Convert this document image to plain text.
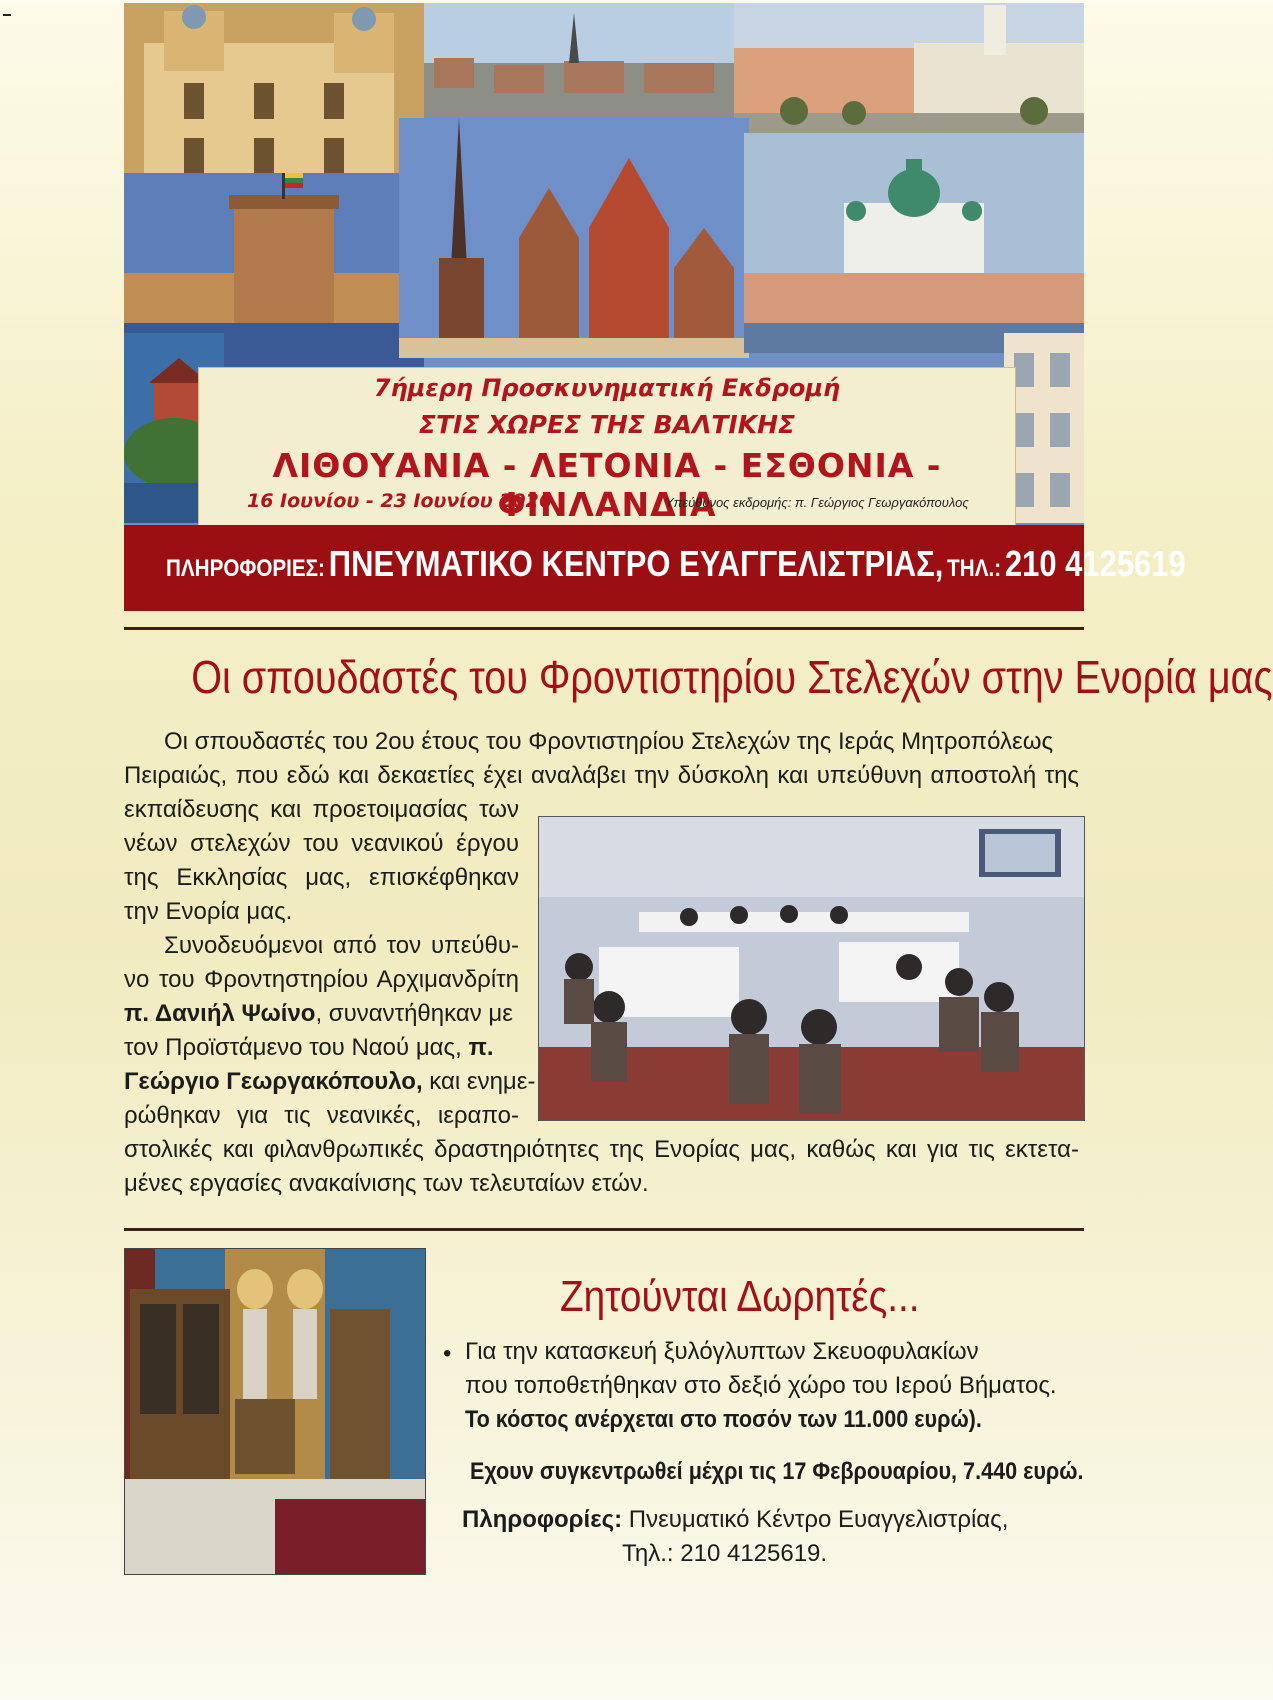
7ήμερη Προσκυνηματική Εκδρομή
ΣΤΙΣ ΧΩΡΕΣ ΤΗΣ ΒΑΛΤΙΚΗΣ
ΛΙΘΟΥΑΝΙΑ - ΛΕΤΟΝΙΑ - ΕΣΘΟΝΙΑ - ΦΙΝΛΑΝΔΙΑ
16 Ιουνίου - 23 Ιουνίου 2026	Υπεύθυνος εκδρομής: π. Γεώργιος Γεωργακόπουλος
ΠΛΗΡΟΦΟΡΙΕΣ: ΠΝΕΥΜΑΤΙΚΟ ΚΕΝΤΡΟ ΕΥΑΓΓΕΛΙΣΤΡΙΑΣ, ΤΗΛ.: 210 4125619
Οι σπουδαστές του Φροντιστηρίου Στελεχών στην Ενορία μας
Οι σπουδαστές του 2ου έτους του Φροντιστηρίου Στελεχών της Ιεράς Μητροπόλεως
Πειραιώς, που εδώ και δεκαετίες έχει αναλάβει την δύσκολη και υπεύθυνη αποστολή της
εκπαίδευσης και προετοιμασίας των
νέων στελεχών του νεανικού έργου
της Εκκλησίας μας, επισκέφθηκαν
την Ενορία μας.
Συνοδευόμενοι από τον υπεύθυ-
νο του Φροντηστηρίου Αρχιμανδρίτη
π. Δανιήλ Ψωίνο, συναντήθηκαν με
τον Προϊστάμενο του Ναού μας, π.
Γεώργιο Γεωργακόπουλο, και ενημε-
ρώθηκαν για τις νεανικές, ιεραπο-
στολικές και φιλανθρωπικές δραστηριότητες της Ενορίας μας, καθώς και για τις εκτετα-
μένες εργασίες ανακαίνισης των τελευταίων ετών.
Ζητούνται Δωρητές...
• Για την κατασκευή ξυλόγλυπτων Σκευοφυλακίων
που τοποθετήθηκαν στο δεξιό χώρο του Ιερού Βήματος.
Το κόστος ανέρχεται στο ποσόν των 11.000 ευρώ).
Εχουν συγκεντρωθεί μέχρι τις 17 Φεβρουαρίου, 7.440 ευρώ.
Πληροφορίες: Πνευματικό Κέντρο Ευαγγελιστρίας,
Τηλ.: 210 4125619.
